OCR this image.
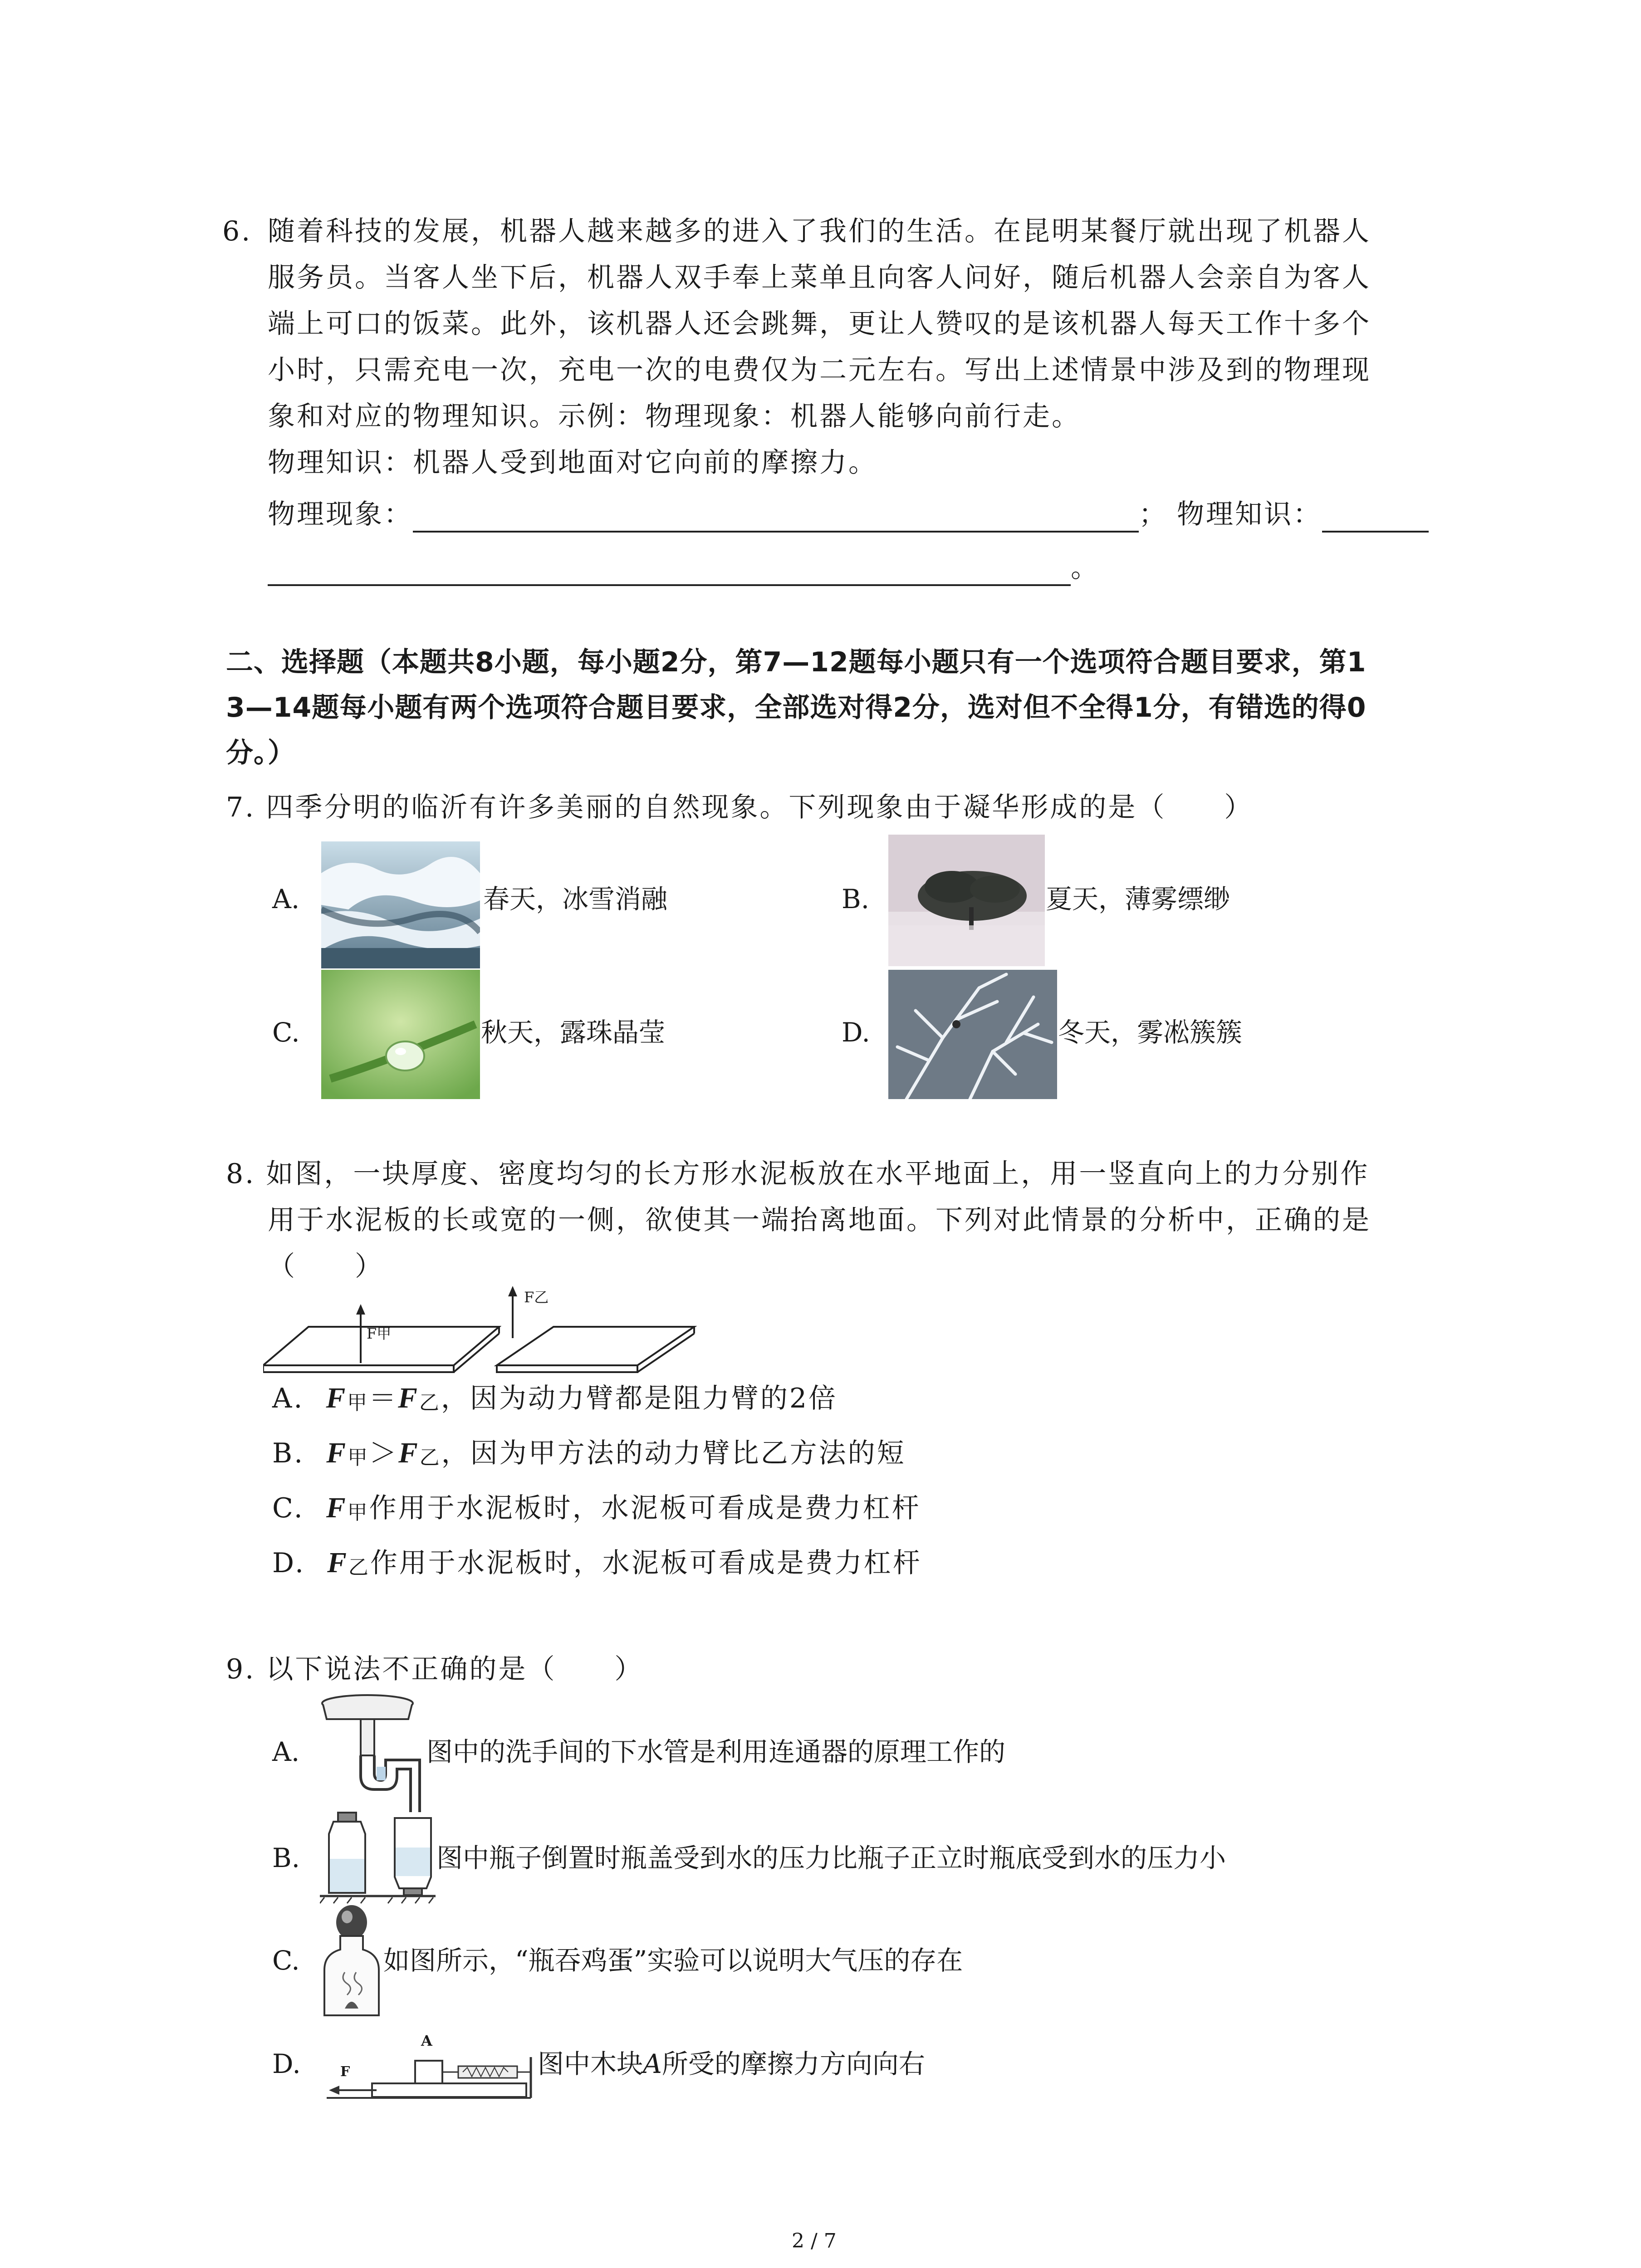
6. 随着科技的发展，机器人越来越多的进入了我们的生活。在昆明某餐厅就出现了机器人
服务员。当客人坐下后，机器人双手奉上菜单且向客人问好，随后机器人会亲自为客人
端上可口的饭菜。此外，该机器人还会跳舞，更让人赞叹的是该机器人每天工作十多个
小时，只需充电一次，充电一次的电费仅为二元左右。写出上述情景中涉及到的物理现
象和对应的物理知识。示例：物理现象：机器人能够向前行走。
物理知识：机器人受到地面对它向前的摩擦力。
物理现象：	； 物理知识：
。
二、选择题（本题共8小题，每小题2分，第7—12题每小题只有一个选项符合题目要求，第1
3—14题每小题有两个选项符合题目要求，全部选对得2分，选对但不全得1分，有错选的得0
分。）
7. 四季分明的临沂有许多美丽的自然现象。下列现象由于凝华形成的是（　　）
A.	春天，冰雪消融	B.	夏天，薄雾缥缈
C.	秋天，露珠晶莹	D.	冬天，雾凇簇簇
8. 如图，一块厚度、密度均匀的长方形水泥板放在水平地面上，用一竖直向上的力分别作
用于水泥板的长或宽的一侧，欲使其一端抬离地面。下列对此情景的分析中，正确的是
（　　）
F甲
F乙
A. $F_甲=F_乙$，因为动力臂都是阻力臂的2倍
B. $F_甲>F_乙$，因为甲方法的动力臂比乙方法的短
C. $F_甲$作用于水泥板时，水泥板可看成是费力杠杆
D. $F_乙$作用于水泥板时，水泥板可看成是费力杠杆
9. 以下说法不正确的是（　　）
A.	图中的洗手间的下水管是利用连通器的原理工作的
B.	图中瓶子倒置时瓶盖受到水的压力比瓶子正立时瓶底受到水的压力小
C.	如图所示，“瓶吞鸡蛋”实验可以说明大气压的存在
D.
A
F	图中木块A所受的摩擦力方向向右
2 / 7
